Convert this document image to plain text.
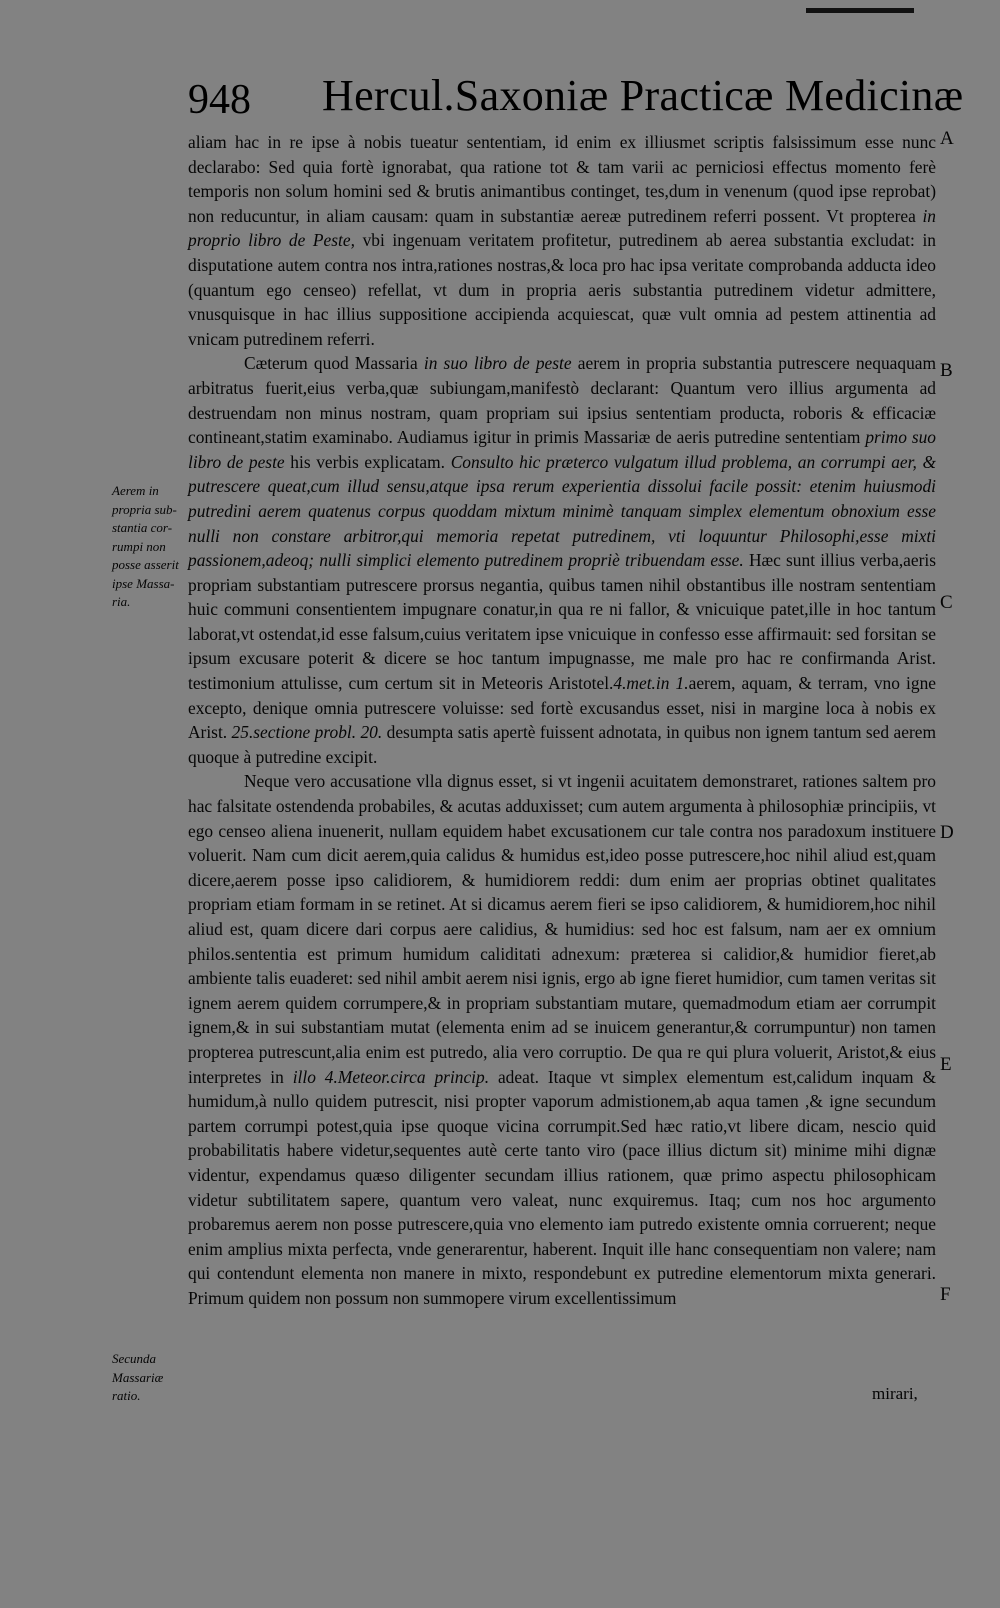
948 Hercul.Saxoniæ Practicæ Medicinæ

aliam hac in re ipse à nobis tueatur sententiam, id enim ex illiusmet scriptis falsissimum esse nunc declarabo: Sed quia fortè ignorabat, qua ratione tot & tam varii ac perniciosi effectus momento ferè temporis non solum homini sed & brutis animantibus continget, tes,dum in venenum (quod ipse reprobat) non reducuntur, in aliam causam: quam in substantiæ aereæ putredinem referri possent. Vt propterea in proprio libro de Peste, vbi ingenuam veritatem profitetur, putredinem ab aerea substantia excludat: in disputatione autem contra nos intra,rationes nostras,& loca pro hac ipsa veritate comprobanda adducta ideo (quantum ego censeo) refellat, vt dum in propria aeris substantia putredinem videtur admittere, vnusquisque in hac illius suppositione accipienda acquiescat, quæ vult omnia ad pestem attinentia ad vnicam putredinem referri.

Cæterum quod Massaria in suo libro de peste aerem in propria substantia putrescere nequaquam arbitratus fuerit,eius verba,quæ subiungam,manifestò declarant: Quantum vero illius argumenta ad destruendam non minus nostram, quam propriam sui ipsius sententiam producta, roboris & efficaciæ contineant,statim examinabo. Audiamus igitur in primis Massariæ de aeris putredine sententiam primo suo libro de peste his verbis explicatam. Consulto hic præterco vulgatum illud problema, an corrumpi aer, & putrescere queat,cum illud sensu,atque ipsa rerum experientia dissolui facile possit: etenim huiusmodi putredini aerem quatenus corpus quoddam mixtum minimè tanquam simplex elementum obnoxium esse nulli non constare arbitror,qui memoria repetat putredinem, vti loquuntur Philosophi,esse mixti passionem,adeoq; nulli simplici elemento putredinem propriè tribuendam esse. Hæc sunt illius verba,aeris propriam substantiam putrescere prorsus negantia, quibus tamen nihil obstantibus ille nostram sententiam huic communi consentientem impugnare conatur,in qua re ni fallor, & vnicuique patet,ille in hoc tantum laborat,vt ostendat,id esse falsum,cuius veritatem ipse vnicuique in confesso esse affirmauit: sed forsitan se ipsum excusare poterit & dicere se hoc tantum impugnasse, me male pro hac re confirmanda Arist. testimonium attulisse, cum certum sit in Meteoris Aristotel.4.met.in 1.aerem, aquam, & terram, vno igne excepto, denique omnia putrescere voluisse: sed fortè excusandus esset, nisi in margine loca à nobis ex Arist. 25.sectione probl. 20. desumpta satis apertè fuissent adnotata, in quibus non ignem tantum sed aerem quoque à putredine excipit.

Neque vero accusatione vlla dignus esset, si vt ingenii acuitatem demonstraret, rationes saltem pro hac falsitate ostendenda probabiles, & acutas adduxisset; cum autem argumenta à philosophiæ principiis, vt ego censeo aliena inuenerit, nullam equidem habet excusationem cur tale contra nos paradoxum instituere voluerit. Nam cum dicit aerem,quia calidus & humidus est,ideo posse putrescere,hoc nihil aliud est,quam dicere,aerem posse ipso calidiorem, & humidiorem reddi: dum enim aer proprias obtinet qualitates propriam etiam formam in se retinet. At si dicamus aerem fieri se ipso calidiorem, & humidiorem,hoc nihil aliud est, quam dicere dari corpus aere calidius, & humidius: sed hoc est falsum, nam aer ex omnium philos.sententia est primum humidum caliditati adnexum: præterea si calidior,& humidior fieret,ab ambiente talis euaderet: sed nihil ambit aerem nisi ignis, ergo ab igne fieret humidior, cum tamen veritas sit ignem aerem quidem corrumpere,& in propriam substantiam mutare, quemadmodum etiam aer corrumpit ignem,& in sui substantiam mutat (elementa enim ad se inuicem generantur,& corrumpuntur) non tamen propterea putrescunt,alia enim est putredo, alia vero corruptio. De qua re qui plura voluerit, Aristot,& eius interpretes in illo 4.Meteor.circa princip. adeat. Itaque vt simplex elementum est,calidum inquam & humidum,à nullo quidem putrescit, nisi propter vaporum admistionem,ab aqua tamen ,& igne secundum partem corrumpi potest,quia ipse quoque vicina corrumpit.Sed hæc ratio,vt libere dicam, nescio quid probabilitatis habere videtur,sequentes autè certe tanto viro (pace illius dictum sit) minime mihi dignæ videntur, expendamus quæso diligenter secundam illius rationem, quæ primo aspectu philosophicam videtur subtilitatem sapere, quantum vero valeat, nunc exquiremus. Itaq; cum nos hoc argumento probaremus aerem non posse putrescere,quia vno elemento iam putredo existente omnia corruerent; neque enim amplius mixta perfecta, vnde generarentur, haberent. Inquit ille hanc consequentiam non valere; nam qui contendunt elementa non manere in mixto, respondebunt ex putredine elementorum mixta generari. Primum quidem non possum non summopere virum excellentissimum

A
B
C
D
E
F
Aerem in propria sub-stantia cor-rumpi non posse asserit ipse Massa-ria.
Secunda Massariæ ratio.	mirari,
